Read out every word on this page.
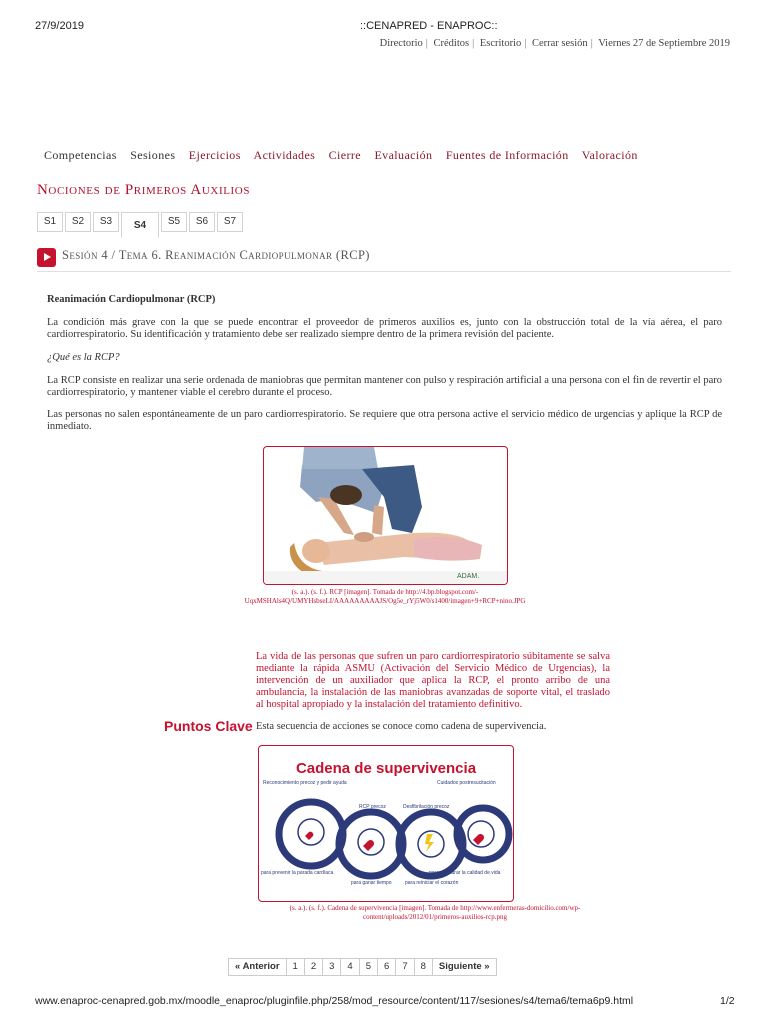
27/9/2019	::CENAPRED - ENAPROC::
Directorio | Créditos | Escritorio | Cerrar sesión | Viernes 27 de Septiembre 2019
Competencias Sesiones Ejercicios Actividades Cierre Evaluación Fuentes de Información Valoración
Nociones de Primeros Auxilios
S1	S2	S3	S4	S5	S6	S7
Sesión 4 / Tema 6. Reanimación Cardiopulmonar (RCP)
Reanimación Cardiopulmonar (RCP)
La condición más grave con la que se puede encontrar el proveedor de primeros auxilios es, junto con la obstrucción total de la vía aérea, el paro cardiorrespiratorio. Su identificación y tratamiento debe ser realizado siempre dentro de la primera revisión del paciente.
¿Qué es la RCP?
La RCP consiste en realizar una serie ordenada de maniobras que permitan mantener con pulso y respiración artificial a una persona con el fin de revertir el paro cardiorrespiratorio, y mantener viable el cerebro durante el proceso.
Las personas no salen espontáneamente de un paro cardiorrespiratorio. Se requiere que otra persona active el servicio médico de urgencias y aplique la RCP de inmediato.
ADAM.
(s. a.). (s. f.). RCP [imagen]. Tomada de http://4.bp.blogspot.com/-UqxMSHAls4Q/UMYHsbseLI/AAAAAAAAAJS/Og5e_rYj5W0/s1400/imagen+9+RCP+nino.JPG
La vida de las personas que sufren un paro cardiorrespiratorio súbitamente se salva mediante la rápida ASMU (Activación del Servicio Médico de Urgencias), la intervención de un auxiliador que aplica la RCP, el pronto arribo de una ambulancia, la instalación de las maniobras avanzadas de soporte vital, el traslado al hospital apropiado y la instalación del tratamiento definitivo.
Puntos Clave Esta secuencia de acciones se conoce como cadena de supervivencia.
Cadena de supervivencia
Reconocimiento precoz y pedir ayuda
RCP precoz	Desfibrilación precoz
Cuidados postresucitación
para prevenir la parada cardíaca
para ganar tiempo	para reiniciar el corazón
para restaurar la calidad de vida
(s. a.). (s. f.). Cadena de supervivencia [imagen]. Tomada de http://www.enfermeras-domicilio.com/wp-content/uploads/2012/01/primeros-auxilios-rcp.png
« Anterior	1	2	3	4	5	6	7	8	Siguiente »
www.enaproc-cenapred.gob.mx/moodle_enaproc/pluginfile.php/258/mod_resource/content/117/sesiones/s4/tema6/tema6p9.html	1/2
